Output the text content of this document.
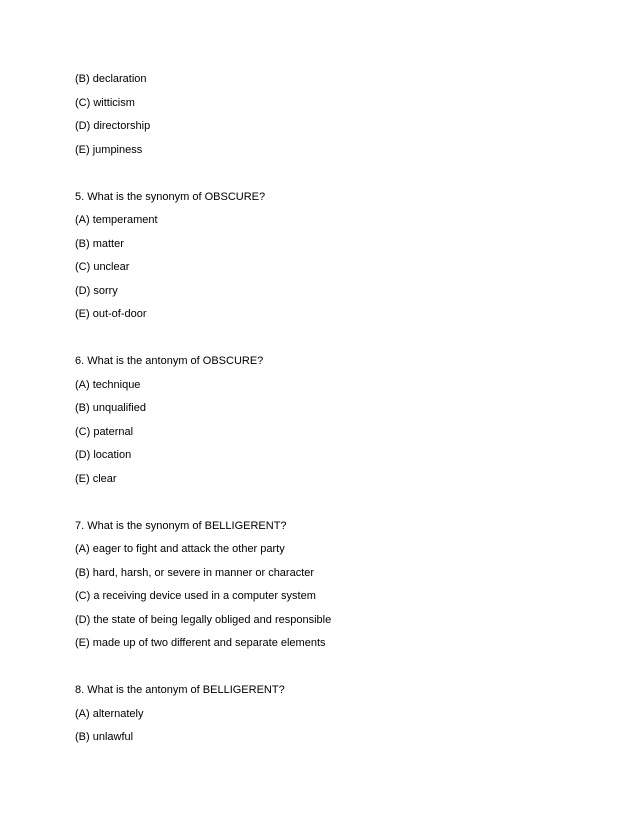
(B) declaration

(C) witticism

(D) directorship

(E) jumpiness

5. What is the synonym of OBSCURE?

(A) temperament

(B) matter

(C) unclear

(D) sorry

(E) out-of-door

6. What is the antonym of OBSCURE?

(A) technique

(B) unqualified

(C) paternal

(D) location

(E) clear

7. What is the synonym of BELLIGERENT?

(A) eager to fight and attack the other party

(B) hard, harsh, or severe in manner or character

(C) a receiving device used in a computer system

(D) the state of being legally obliged and responsible

(E) made up of two different and separate elements

8. What is the antonym of BELLIGERENT?

(A) alternately

(B) unlawful
